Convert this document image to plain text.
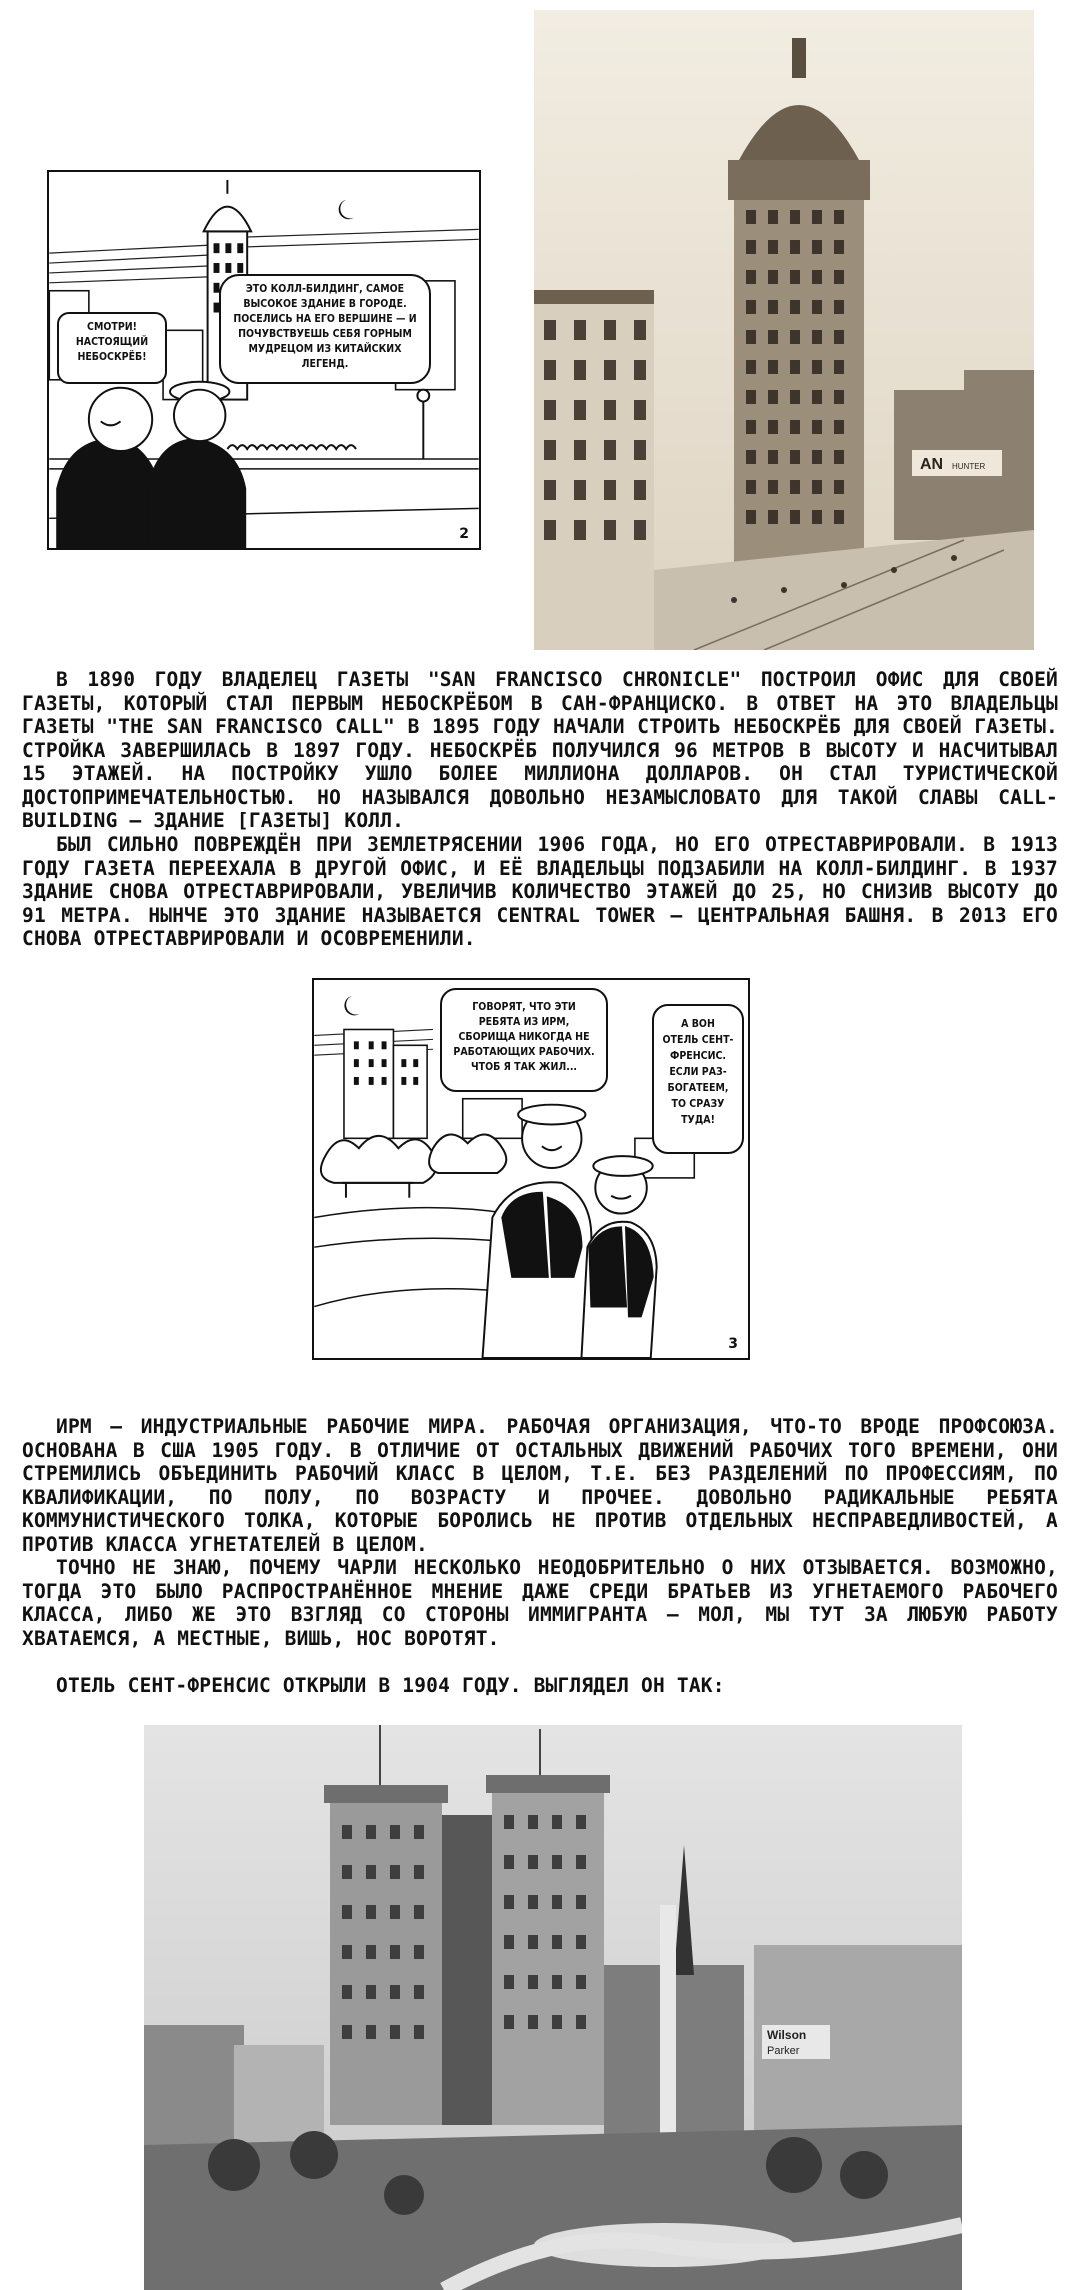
СМОТРИ! НАСТОЯЩИЙ НЕБОСКРЁБ!
ЭТО КОЛЛ-БИЛДИНГ, САМОЕ ВЫСОКОЕ ЗДАНИЕ В ГОРОДЕ. ПОСЕЛИСЬ НА ЕГО ВЕРШИНЕ — И ПОЧУВСТВУЕШЬ СЕБЯ ГОРНЫМ МУДРЕЦОМ ИЗ КИТАЙСКИХ ЛЕГЕНД.
2
AN HUNTER
В 1890 ГОДУ ВЛАДЕЛЕЦ ГАЗЕТЫ "SAN FRANCISCO CHRONICLE" ПОСТРОИЛ ОФИС ДЛЯ СВОЕЙ ГАЗЕТЫ, КОТОРЫЙ СТАЛ ПЕРВЫМ НЕБОСКРЁБОМ В САН-ФРАНЦИСКО. В ОТВЕТ НА ЭТО ВЛАДЕЛЬЦЫ ГАЗЕТЫ "THE SAN FRANCISCO CALL" В 1895 ГОДУ НАЧАЛИ СТРОИТЬ НЕБОСКРЁБ ДЛЯ СВОЕЙ ГАЗЕТЫ. СТРОЙКА ЗАВЕРШИЛАСЬ В 1897 ГОДУ. НЕБОСКРЁБ ПОЛУЧИЛСЯ 96 МЕТРОВ В ВЫСОТУ И НАСЧИТЫВАЛ 15 ЭТАЖЕЙ. НА ПОСТРОЙКУ УШЛО БОЛЕЕ МИЛЛИОНА ДОЛЛАРОВ. ОН СТАЛ ТУРИСТИЧЕСКОЙ ДОСТОПРИМЕЧАТЕЛЬНОСТЬЮ. НО НАЗЫВАЛСЯ ДОВОЛЬНО НЕЗАМЫСЛОВАТО ДЛЯ ТАКОЙ СЛАВЫ CALL-BUILDING — ЗДАНИЕ [ГАЗЕТЫ] КОЛЛ.
БЫЛ СИЛЬНО ПОВРЕЖДЁН ПРИ ЗЕМЛЕТРЯСЕНИИ 1906 ГОДА, НО ЕГО ОТРЕСТАВРИРОВАЛИ. В 1913 ГОДУ ГАЗЕТА ПЕРЕЕХАЛА В ДРУГОЙ ОФИС, И ЕЁ ВЛАДЕЛЬЦЫ ПОДЗАБИЛИ НА КОЛЛ-БИЛДИНГ. В 1937 ЗДАНИЕ СНОВА ОТРЕСТАВРИРОВАЛИ, УВЕЛИЧИВ КОЛИЧЕСТВО ЭТАЖЕЙ ДО 25, НО СНИЗИВ ВЫСОТУ ДО 91 МЕТРА. НЫНЧЕ ЭТО ЗДАНИЕ НАЗЫВАЕТСЯ CENTRAL TOWER — ЦЕНТРАЛЬНАЯ БАШНЯ. В 2013 ЕГО СНОВА ОТРЕСТАВРИРОВАЛИ И ОСОВРЕМЕНИЛИ.
ГОВОРЯТ, ЧТО ЭТИ РЕБЯТА ИЗ ИРМ, СБОРИЩА НИКОГДА НЕ РАБОТАЮЩИХ РАБОЧИХ. ЧТОБ Я ТАК ЖИЛ...
А ВОН ОТЕЛЬ СЕНТ-ФРЕНСИС. ЕСЛИ РАЗ-БОГАТЕЕМ, ТО СРАЗУ ТУДА!
3
ИРМ — ИНДУСТРИАЛЬНЫЕ РАБОЧИЕ МИРА. РАБОЧАЯ ОРГАНИЗАЦИЯ, ЧТО-ТО ВРОДЕ ПРОФСОЮЗА. ОСНОВАНА В США 1905 ГОДУ. В ОТЛИЧИЕ ОТ ОСТАЛЬНЫХ ДВИЖЕНИЙ РАБОЧИХ ТОГО ВРЕМЕНИ, ОНИ СТРЕМИЛИСЬ ОБЪЕДИНИТЬ РАБОЧИЙ КЛАСС В ЦЕЛОМ, Т.Е. БЕЗ РАЗДЕЛЕНИЙ ПО ПРОФЕССИЯМ, ПО КВАЛИФИКАЦИИ, ПО ПОЛУ, ПО ВОЗРАСТУ И ПРОЧЕЕ. ДОВОЛЬНО РАДИКАЛЬНЫЕ РЕБЯТА КОММУНИСТИЧЕСКОГО ТОЛКА, КОТОРЫЕ БОРОЛИСЬ НЕ ПРОТИВ ОТДЕЛЬНЫХ НЕСПРАВЕДЛИВОСТЕЙ, А ПРОТИВ КЛАССА УГНЕТАТЕЛЕЙ В ЦЕЛОМ.
ТОЧНО НЕ ЗНАЮ, ПОЧЕМУ ЧАРЛИ НЕСКОЛЬКО НЕОДОБРИТЕЛЬНО О НИХ ОТЗЫВАЕТСЯ. ВОЗМОЖНО, ТОГДА ЭТО БЫЛО РАСПРОСТРАНЁННОЕ МНЕНИЕ ДАЖЕ СРЕДИ БРАТЬЕВ ИЗ УГНЕТАЕМОГО РАБОЧЕГО КЛАССА, ЛИБО ЖЕ ЭТО ВЗГЛЯД СО СТОРОНЫ ИММИГРАНТА — МОЛ, МЫ ТУТ ЗА ЛЮБУЮ РАБОТУ ХВАТАЕМСЯ, А МЕСТНЫЕ, ВИШЬ, НОС ВОРОТЯТ.
ОТЕЛЬ СЕНТ-ФРЕНСИС ОТКРЫЛИ В 1904 ГОДУ. ВЫГЛЯДЕЛ ОН ТАК:
Wilson
Parker
